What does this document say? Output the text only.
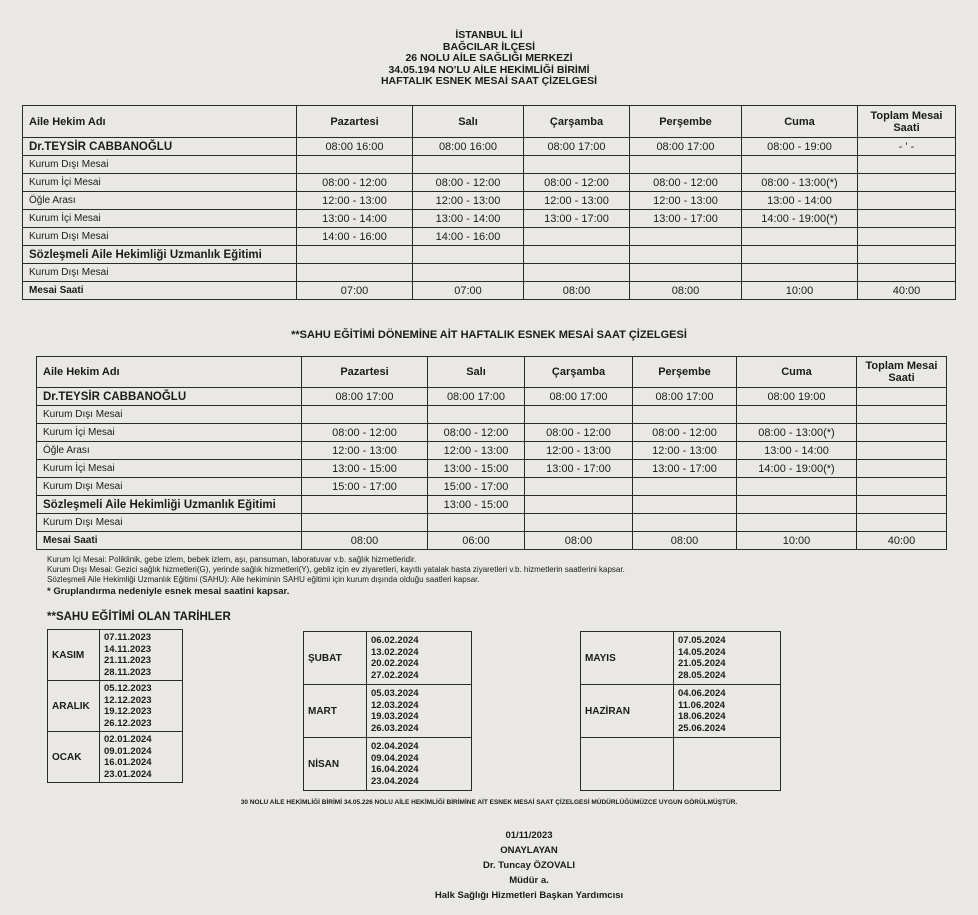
İSTANBUL İLİ
BAĞCILAR İLÇESİ
26 NOLU AİLE SAĞLIĞI MERKEZİ
34.05.194 NO'LU AİLE HEKİMLİĞİ BİRİMİ
HAFTALIK ESNEK MESAİ SAAT ÇİZELGESİ
Aile Hekim Adı	Pazartesi	Salı	Çarşamba	Perşembe	Cuma	Toplam Mesai Saati
Dr.TEYSİR CABBANOĞLU	08:00 16:00	08:00 16:00	08:00 17:00	08:00 17:00	08:00 - 19:00	- ' -
Kurum Dışı Mesai						
Kurum İçi Mesai	08:00 - 12:00	08:00 - 12:00	08:00 - 12:00	08:00 - 12:00	08:00 - 13:00(*)	
Öğle Arası	12:00 - 13:00	12:00 - 13:00	12:00 - 13:00	12:00 - 13:00	13:00 - 14:00	
Kurum İçi Mesai	13:00 - 14:00	13:00 - 14:00	13:00 - 17:00	13:00 - 17:00	14:00 - 19:00(*)	
Kurum Dışı Mesai	14:00 - 16:00	14:00 - 16:00				
Sözleşmeli Aile Hekimliği Uzmanlık Eğitimi						
Kurum Dışı Mesai						
Mesai Saati	07:00	07:00	08:00	08:00	10:00	40:00
**SAHU EĞİTİMİ DÖNEMİNE AİT HAFTALIK ESNEK MESAİ SAAT ÇİZELGESİ
Aile Hekim Adı	Pazartesi	Salı	Çarşamba	Perşembe	Cuma	Toplam Mesai Saati
Dr.TEYSİR CABBANOĞLU	08:00 17:00	08:00 17:00	08:00 17:00	08:00 17:00	08:00 19:00	
Kurum Dışı Mesai						
Kurum İçi Mesai	08:00 - 12:00	08:00 - 12:00	08:00 - 12:00	08:00 - 12:00	08:00 - 13:00(*)	
Öğle Arası	12:00 - 13:00	12:00 - 13:00	12:00 - 13:00	12:00 - 13:00	13:00 - 14:00	
Kurum İçi Mesai	13:00 - 15:00	13:00 - 15:00	13:00 - 17:00	13:00 - 17:00	14:00 - 19:00(*)	
Kurum Dışı Mesai	15:00 - 17:00	15:00 - 17:00				
Sözleşmeli Aile Hekimliği Uzmanlık Eğitimi		13:00 - 15:00				
Kurum Dışı Mesai						
Mesai Saati	08:00	06:00	08:00	08:00	10:00	40:00
Kurum İçi Mesai: Poliklinik, gebe izlem, bebek izlem, aşı, pansuman, laboratuvar v.b. sağlık hizmetleridir.
Kurum Dışı Mesai: Gezici sağlık hizmetleri(G), yerinde sağlık hizmetleri(Y), gebliz için ev ziyaretleri, kayıtlı yatalak hasta ziyaretleri v.b. hizmetlerin saatlerini kapsar.
Sözleşmeli Aile Hekimliği Uzmanlık Eğitimi (SAHU): Aile hekiminin SAHU eğitimi için kurum dışında olduğu saatleri kapsar.
* Gruplandırma nedeniyle esnek mesai saatini kapsar.
**SAHU EĞİTİMİ OLAN TARİHLER
KASIM	07.11.2023
14.11.2023
21.11.2023
28.11.2023

ARALIK	05.12.2023
12.12.2023
19.12.2023
26.12.2023

OCAK	02.01.2024
09.01.2024
16.01.2024
23.01.2024
ŞUBAT	06.02.2024
13.02.2024
20.02.2024
27.02.2024

MART	05.03.2024
12.03.2024
19.03.2024
26.03.2024

NİSAN	02.04.2024
09.04.2024
16.04.2024
23.04.2024
MAYIS	07.05.2024
14.05.2024
21.05.2024
28.05.2024

HAZİRAN	04.06.2024
11.06.2024
18.06.2024
25.06.2024

30 NOLU AİLE HEKİMLİĞİ BİRİMİ 34.05.226 NOLU AİLE HEKİMLİĞİ BİRİMİNE AİT ESNEK MESAİ SAAT ÇİZELGESİ MÜDÜRLÜĞÜMÜZCE UYGUN GÖRÜLMÜŞTÜR.
01/11/2023
ONAYLAYAN
Dr. Tuncay ÖZOVALI
Müdür a.
Halk Sağlığı Hizmetleri Başkan Yardımcısı
